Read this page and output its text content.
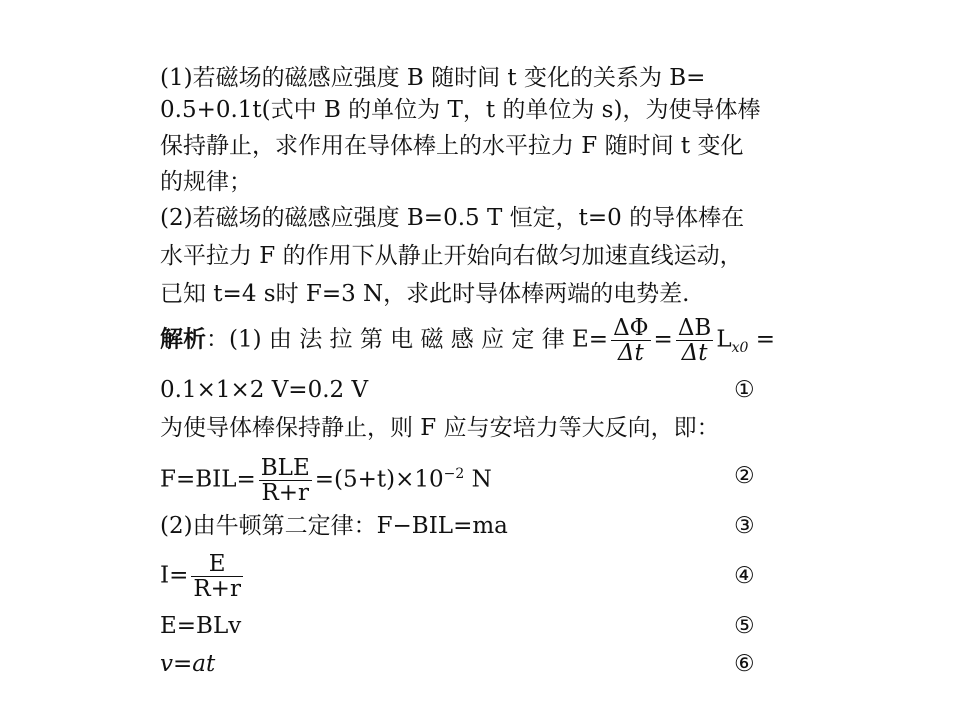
(1)若磁场的磁感应强度 B 随时间 t 变化的关系为 B=
0.5+0.1t(式中 B 的单位为 T，t 的单位为 s)，为使导体棒
保持静止，求作用在导体棒上的水平拉力 F 随时间 t 变化
的规律；
(2)若磁场的磁感应强度 B=0.5 T 恒定，t=0 的导体棒在
水平拉力 F 的作用下从静止开始向右做匀加速直线运动，
已知 t=4 s时 F=3 N，求此时导体棒两端的电势差.
解析：(1) 由 法 拉 第 电 磁 感 应 定 律 $E= \frac{\Delta\Phi}{\Delta t} = \frac{\Delta B}{\Delta t} L_{x0}$ =
0.1×1×2 V=0.2 V	①
为使导体棒保持静止，则 F 应与安培力等大反向，即：
$F=BIL= \frac{\text{BLE}}{R+r} =(5+t)\times 10^{-2}$ N	②
(2)由牛顿第二定律：F−BIL=ma	③
$I= \frac{E}{R+r}$	④
E=BLv	⑤
v=at	⑥
